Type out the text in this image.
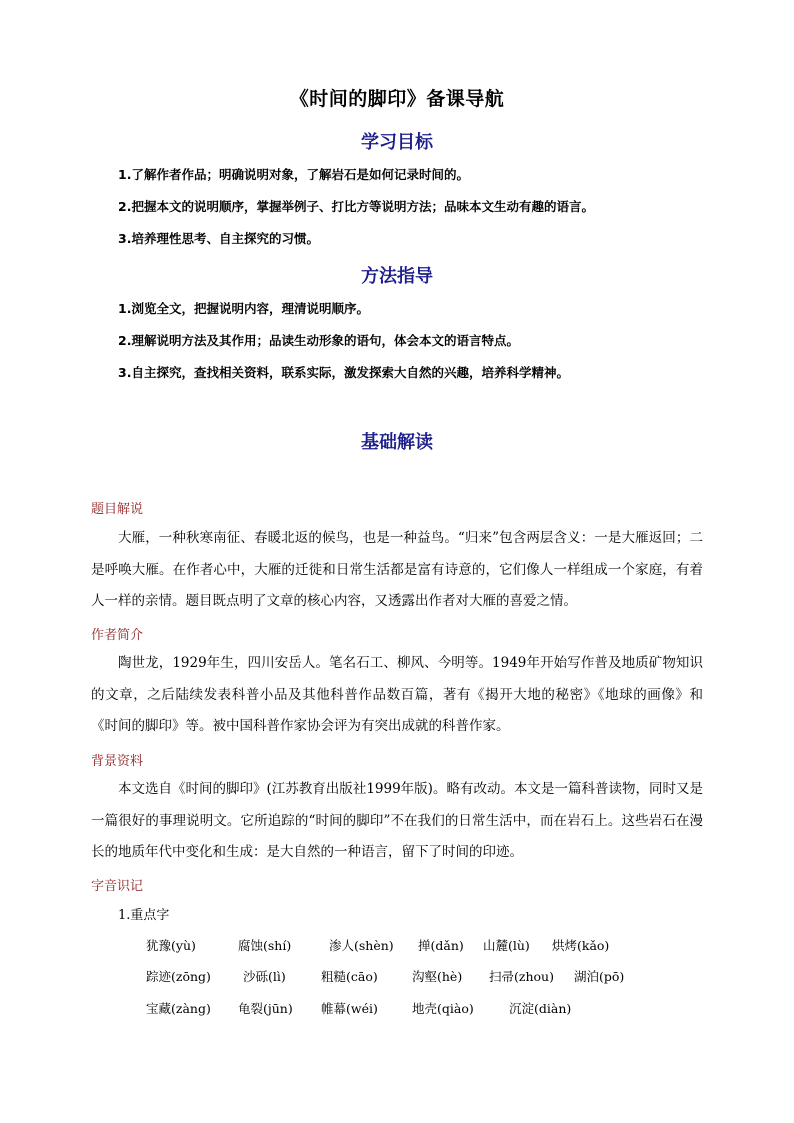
《时间的脚印》备课导航
学习目标
1.了解作者作品；明确说明对象，了解岩石是如何记录时间的。
2.把握本文的说明顺序，掌握举例子、打比方等说明方法；品味本文生动有趣的语言。
3.培养理性思考、自主探究的习惯。
方法指导
1.浏览全文，把握说明内容，理清说明顺序。
2.理解说明方法及其作用；品读生动形象的语句，体会本文的语言特点。
3.自主探究，查找相关资料，联系实际，激发探索大自然的兴趣，培养科学精神。
基础解读
题目解说

大雁，一种秋寒南征、春暖北返的候鸟，也是一种益鸟。“归来”包含两层含义：一是大雁返回；二是呼唤大雁。在作者心中，大雁的迁徙和日常生活都是富有诗意的，它们像人一样组成一个家庭，有着人一样的亲情。题目既点明了文章的核心内容，又透露出作者对大雁的喜爱之情。

作者简介

陶世龙，1929年生，四川安岳人。笔名石工、柳风、今明等。1949年开始写作普及地质矿物知识的文章，之后陆续发表科普小品及其他科普作品数百篇，著有《揭开大地的秘密》《地球的画像》和《时间的脚印》等。被中国科普作家协会评为有突出成就的科普作家。

背景资料

本文选自《时间的脚印》(江苏教育出版社1999年版)。略有改动。本文是一篇科普读物，同时又是一篇很好的事理说明文。它所追踪的“时间的脚印”不在我们的日常生活中，而在岩石上。这些岩石在漫长的地质年代中变化和生成：是大自然的一种语言，留下了时间的印迹。

字音识记
1.重点字
犹豫(yù)	腐蚀(shí)	渗人(shèn) 掸(dǎn) 山麓(lù) 烘烤(kǎo)
踪迹(zōng)	沙砾(lì)	粗糙(cāo)	沟壑(hè) 扫帚(zhou) 湖泊(pō)
宝藏(zàng) 龟裂(jūn) 帷幕(wéi)	地壳(qiào)	沉淀(diàn)
